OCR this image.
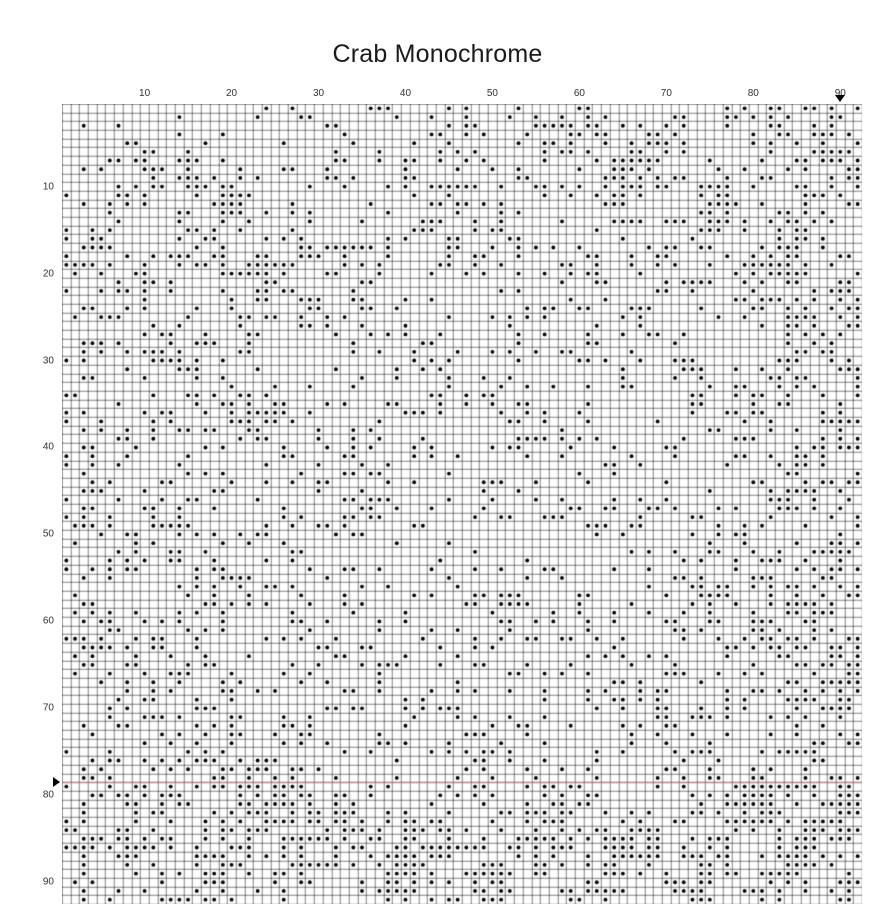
Crab Monochrome
10	20	30	40	50	60	70	80	90
10
20
30
40
50
60
70
80
90
